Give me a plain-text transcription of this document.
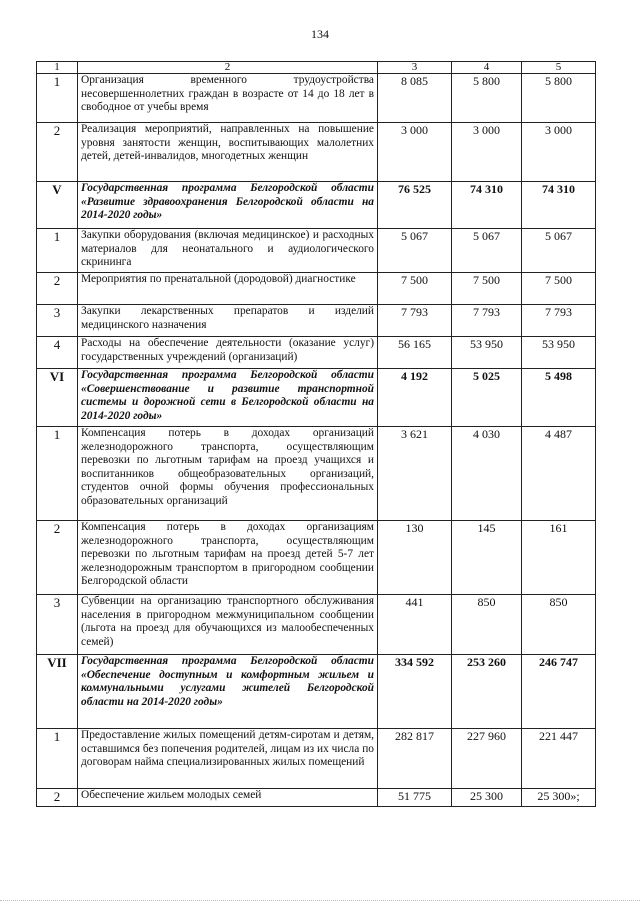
134
1	2	3	4	5
1	Организация временного трудоустройства несовершеннолетних граждан в возрасте от 14 до 18 лет в свободное от учебы время	8 085	5 800	5 800
2	Реализация мероприятий, направленных на повышение уровня занятости женщин, воспитывающих малолетних детей, детей-инвалидов, многодетных женщин	3 000	3 000	3 000
V	Государственная программа Белгородской области «Развитие здравоохранения Белгородской области на 2014-2020 годы»	76 525	74 310	74 310
1	Закупки оборудования (включая медицинское) и расходных материалов для неонатального и аудиологического скрининга	5 067	5 067	5 067
2	Мероприятия по пренатальной (дородовой) диагностике	7 500	7 500	7 500
3	Закупки лекарственных препаратов и изделий медицинского назначения	7 793	7 793	7 793
4	Расходы на обеспечение деятельности (оказание услуг) государственных учреждений (организаций)	56 165	53 950	53 950
VI	Государственная программа Белгородской области «Совершенствование и развитие транспортной системы и дорожной сети в Белгородской области на 2014-2020 годы»	4 192	5 025	5 498
1	Компенсация потерь в доходах организаций железнодорожного транспорта, осуществляющим перевозки по льготным тарифам на проезд учащихся и воспитанников общеобразовательных организаций, студентов очной формы обучения профессиональных образовательных организаций	3 621	4 030	4 487
2	Компенсация потерь в доходах организациям железнодорожного транспорта, осуществляющим перевозки по льготным тарифам на проезд детей 5-7 лет железнодорожным транспортом в пригородном сообщении Белгородской области	130	145	161
3	Субвенции на организацию транспортного обслуживания населения в пригородном межмуниципальном сообщении (льгота на проезд для обучающихся из малообеспеченных семей)	441	850	850
VII	Государственная программа Белгородской области «Обеспечение доступным и комфортным жильем и коммунальными услугами жителей Белгородской области на 2014-2020 годы»	334 592	253 260	246 747
1	Предоставление жилых помещений детям-сиротам и детям, оставшимся без попечения родителей, лицам из их числа по договорам найма специализированных жилых помещений	282 817	227 960	221 447
2	Обеспечение жильем молодых семей	51 775	25 300	25 300»;
